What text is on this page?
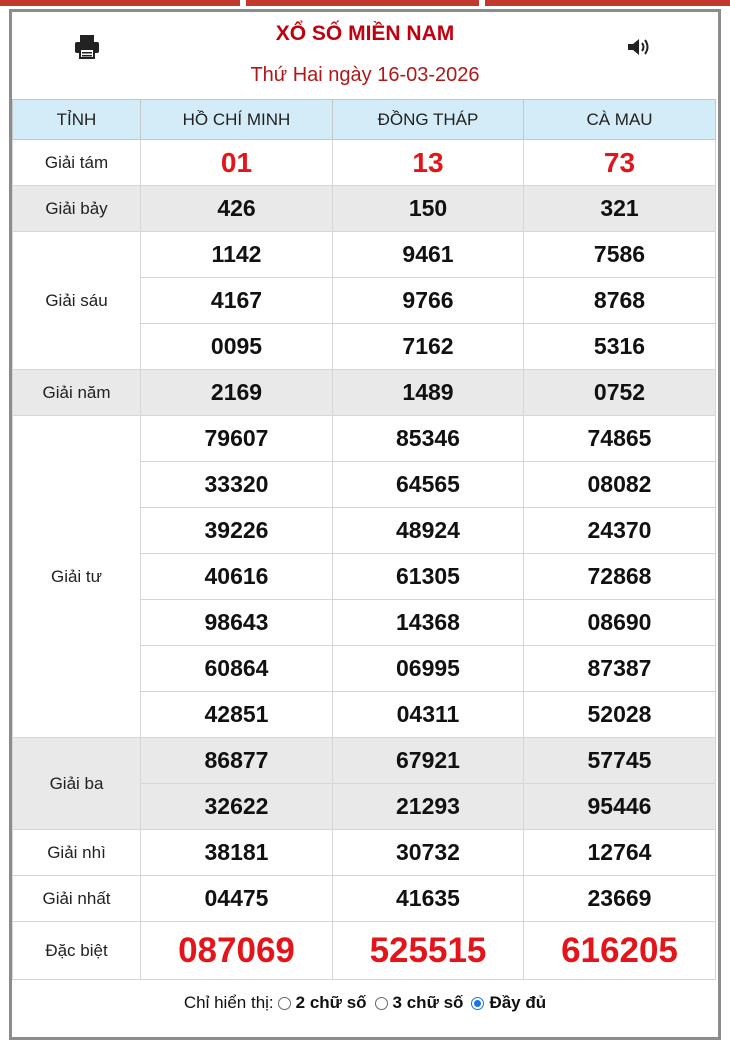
XỔ SỐ MIỀN NAM
Thứ Hai ngày 16-03-2026
TỈNH	HỒ CHÍ MINH	ĐỒNG THÁP	CÀ MAU
Giải tám	01	13	73
Giải bảy	426	150	321
Giải sáu	1142	9461	7586
	4167	9766	8768
	0095	7162	5316
Giải năm	2169	1489	0752
Giải tư	79607	85346	74865
	33320	64565	08082
	39226	48924	24370
	40616	61305	72868
	98643	14368	08690
	60864	06995	87387
	42851	04311	52028
Giải ba	86877	67921	57745
	32622	21293	95446
Giải nhì	38181	30732	12764
Giải nhất	04475	41635	23669
Đặc biệt	087069	525515	616205
Chỉ hiển thị: 2 chữ số 3 chữ số Đầy đủ
